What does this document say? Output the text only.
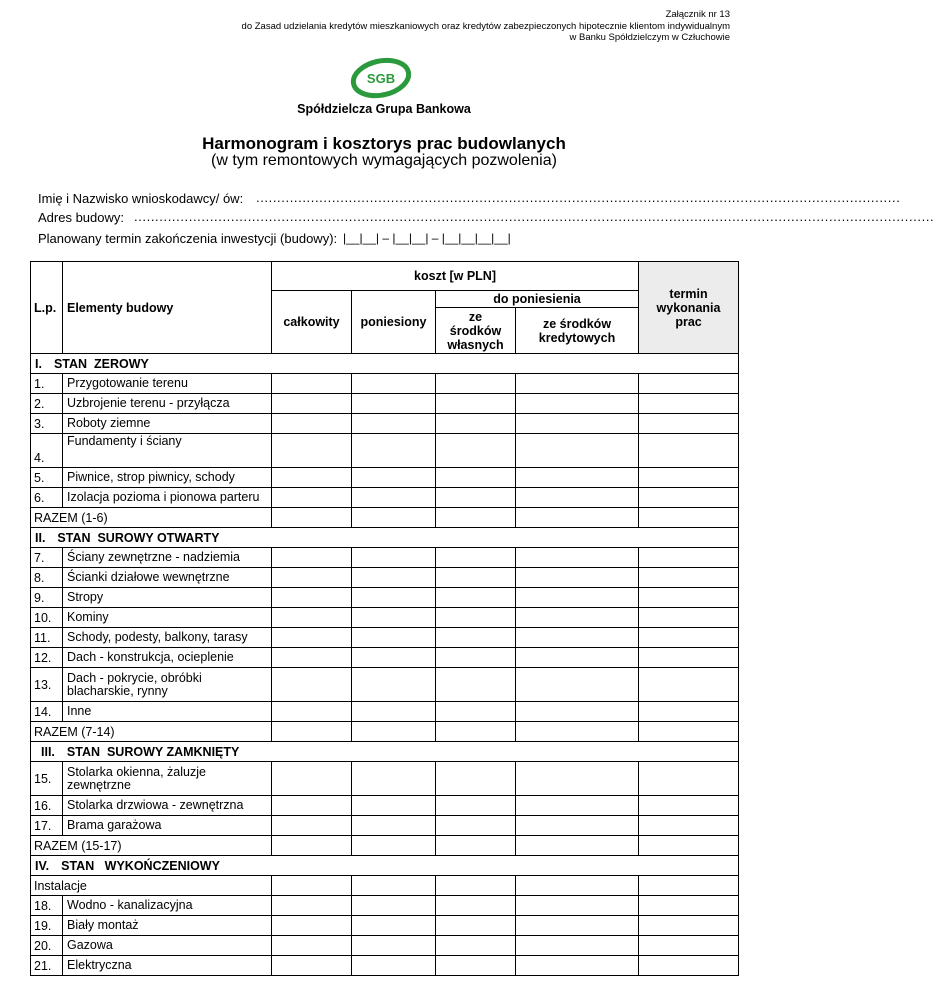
Załącznik nr 13
do Zasad udzielania kredytów mieszkaniowych oraz kredytów zabezpieczonych hipotecznie klientom indywidualnym
w Banku Spółdzielczym w Człuchowie
SGB
Spółdzielcza Grupa Bankowa
Harmonogram i kosztorys prac budowlanych
(w tym remontowych wymagających pozwolenia)
Imię i Nazwisko wnioskodawcy/ ów: .........................................................................................................................................................
Adres budowy: ..............................................................................................................................................................................................
Planowany termin zakończenia inwestycji (budowy): |__|__| – |__|__| – |__|__|__|__|
L.p.	Elementy budowy	koszt [w PLN]				termin wykonania prac	

		całkowity	poniesiony	do poniesienia			

				ze środków własnych	ze środków kredytowych		

I. STAN  ZEROWY							
1.	Przygotowanie terenu						
2.	Uzbrojenie terenu - przyłącza						
3.	Roboty ziemne						
4.	Fundamenty i ściany						
5.	Piwnice, strop piwnicy, schody						
6.	Izolacja pozioma i pionowa parteru						
RAZEM (1-6)							
II. STAN  SUROWY OTWARTY							
7.	Ściany zewnętrzne - nadziemia						
8.	Ścianki działowe wewnętrzne						
9.	Stropy						
10.	Kominy						
11.	Schody, podesty, balkony, tarasy						
12.	Dach - konstrukcja, ocieplenie						
13.	Dach - pokrycie, obróbki blacharskie, rynny						
14.	Inne						
RAZEM (7-14)							
III. STAN  SUROWY ZAMKNIĘTY							
15.	Stolarka okienna, żaluzje zewnętrzne						
16.	Stolarka drzwiowa - zewnętrzna						
17.	Brama garażowa						
RAZEM (15-17)							
IV. STAN   WYKOŃCZENIOWY							
Instalacje							
18.	Wodno - kanalizacyjna						
19.	Biały montaż						
20.	Gazowa						
21.	Elektryczna						
